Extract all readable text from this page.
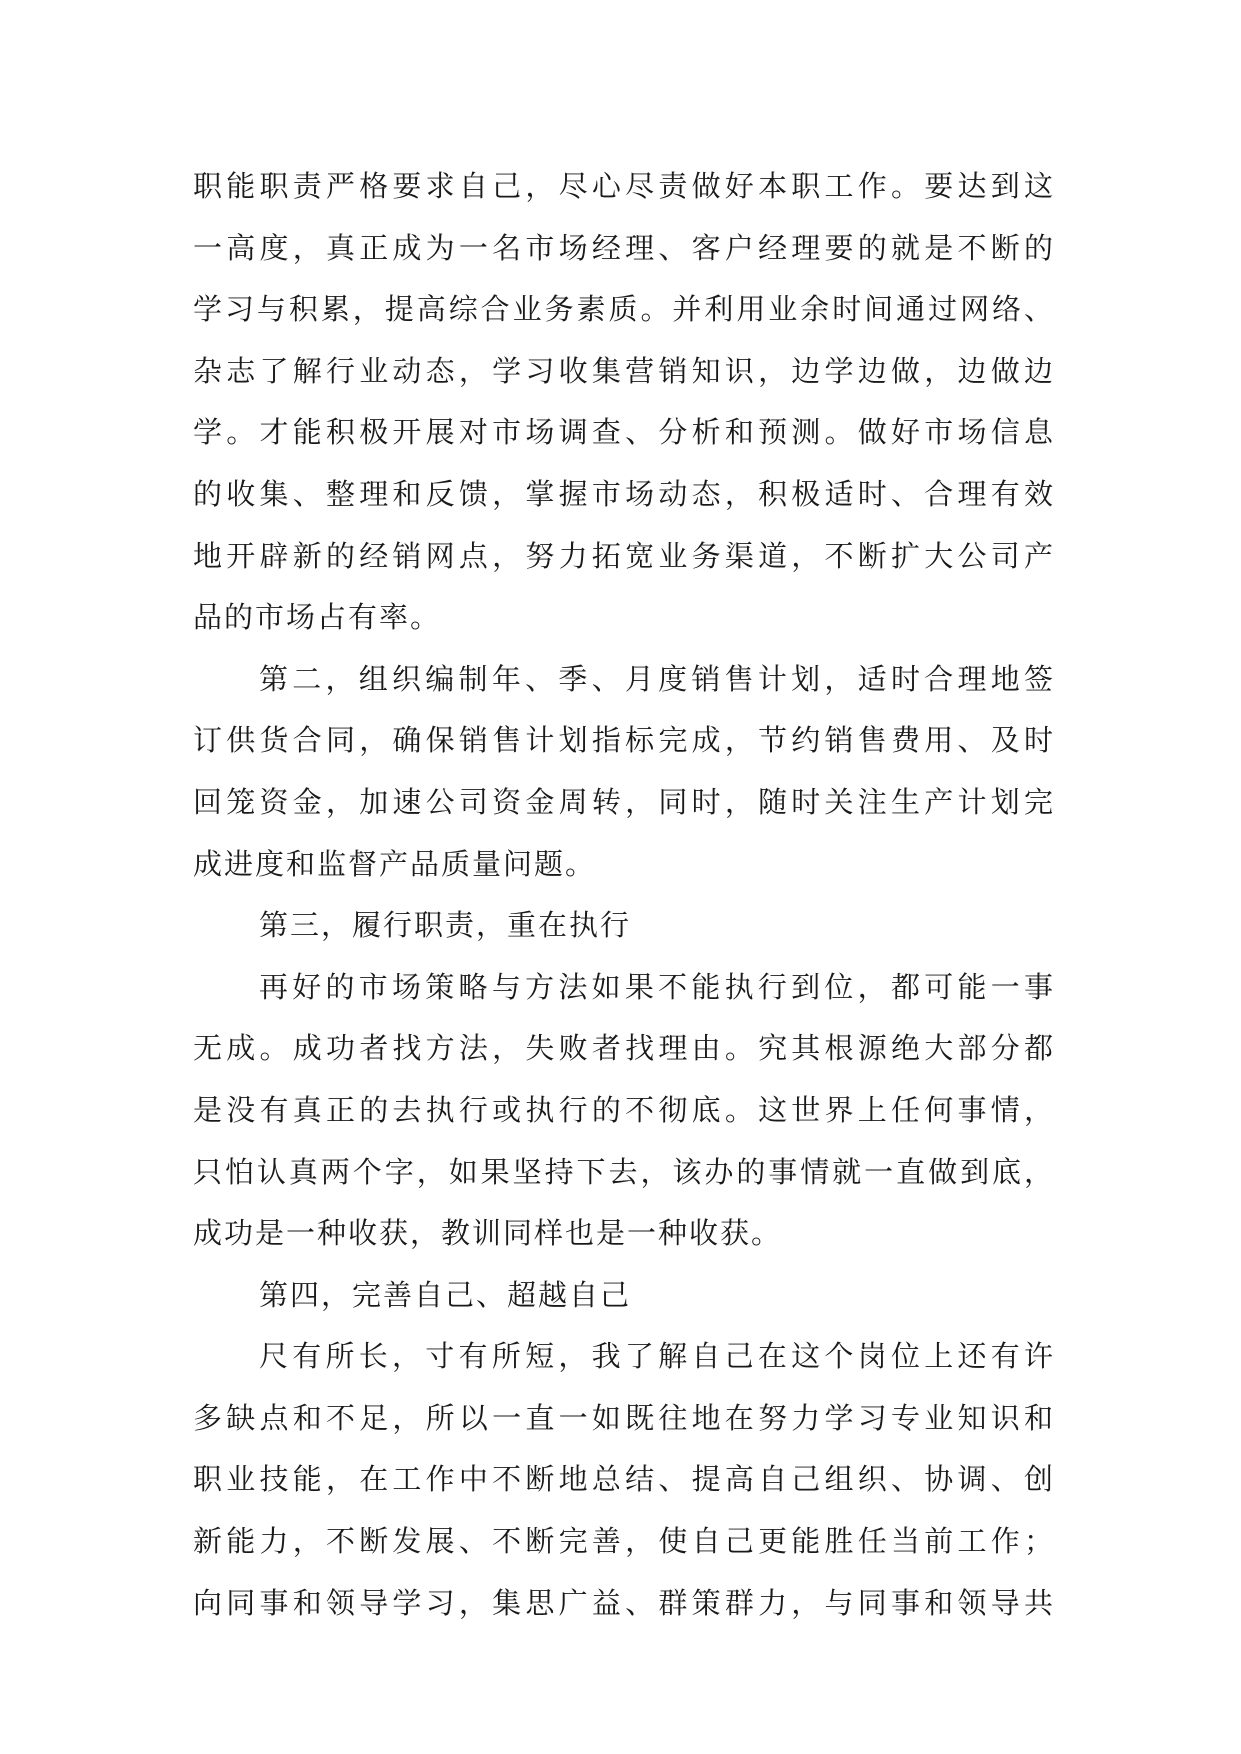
职能职责严格要求自己，尽心尽责做好本职工作。要达到这
一高度，真正成为一名市场经理、客户经理要的就是不断的
学习与积累，提高综合业务素质。并利用业余时间通过网络、
杂志了解行业动态，学习收集营销知识，边学边做，边做边
学。才能积极开展对市场调查、分析和预测。做好市场信息
的收集、整理和反馈，掌握市场动态，积极适时、合理有效
地开辟新的经销网点，努力拓宽业务渠道，不断扩大公司产
品的市场占有率。
第二，组织编制年、季、月度销售计划，适时合理地签
订供货合同，确保销售计划指标完成，节约销售费用、及时
回笼资金，加速公司资金周转，同时，随时关注生产计划完
成进度和监督产品质量问题。
第三，履行职责，重在执行
再好的市场策略与方法如果不能执行到位，都可能一事
无成。成功者找方法，失败者找理由。究其根源绝大部分都
是没有真正的去执行或执行的不彻底。这世界上任何事情，
只怕认真两个字，如果坚持下去，该办的事情就一直做到底，
成功是一种收获，教训同样也是一种收获。
第四，完善自己、超越自己
尺有所长，寸有所短，我了解自己在这个岗位上还有许
多缺点和不足，所以一直一如既往地在努力学习专业知识和
职业技能，在工作中不断地总结、提高自己组织、协调、创
新能力，不断发展、不断完善，使自己更能胜任当前工作；
向同事和领导学习，集思广益、群策群力，与同事和领导共
